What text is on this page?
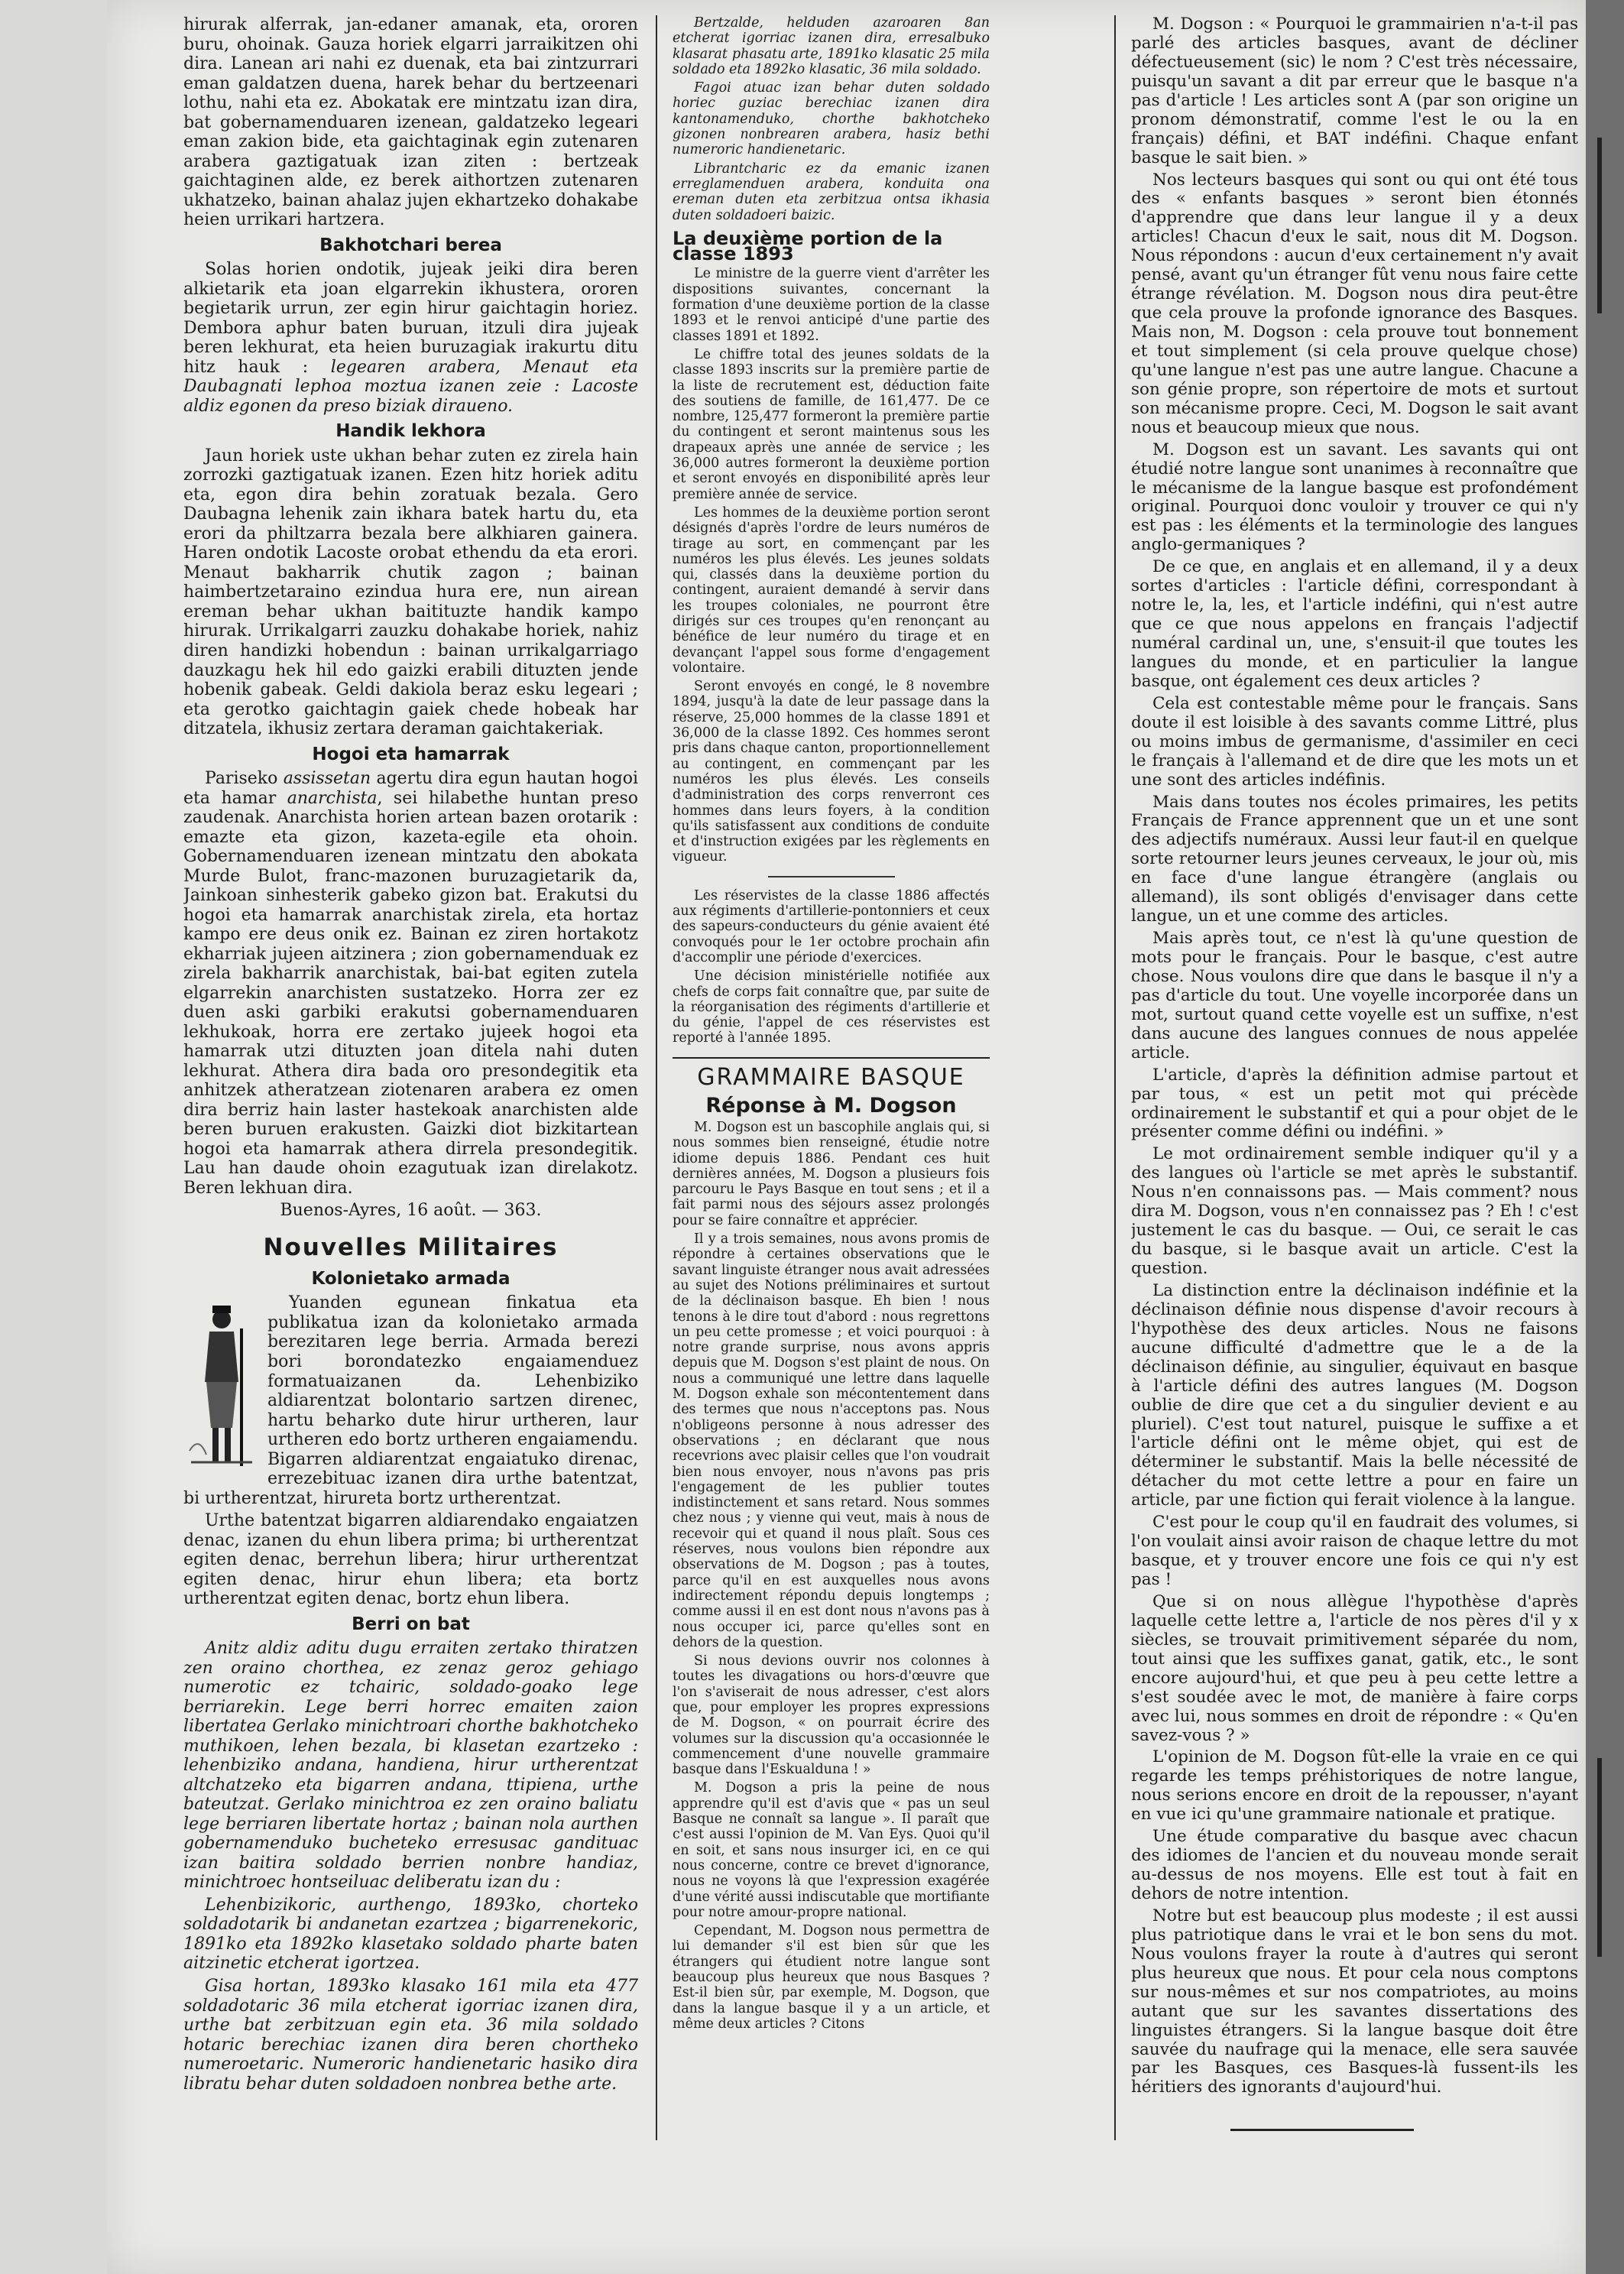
hirurak alferrak, jan-edaner amanak, eta, ororen buru, ohoinak. Gauza horiek elgarri jarraikitzen ohi dira. Lanean ari nahi ez duenak, eta bai zintzurrari eman galdatzen duena, harek behar du bertzeenari lothu, nahi eta ez. Abokatak ere mintzatu izan dira, bat gobernamenduaren izenean, galdatzeko legeari eman zakion bide, eta gaichtaginak egin zutenaren arabera gaztigatuak izan ziten : bertzeak gaichtaginen alde, ez berek aithortzen zutenaren ukhatzeko, bainan ahalaz jujen ekhartzeko dohakabe heien urrikari hartzera.

Bakhotchari berea

Solas horien ondotik, jujeak jeiki dira beren alkietarik eta joan elgarrekin ikhustera, ororen begietarik urrun, zer egin hirur gaichtagin horiez. Dembora aphur baten buruan, itzuli dira jujeak beren lekhurat, eta heien buruzagiak irakurtu ditu hitz hauk : legearen arabera, Menaut eta Daubagnati lephoa moztua izanen zeie : Lacoste aldiz egonen da preso biziak diraueno.

Handik lekhora

Jaun horiek uste ukhan behar zuten ez zirela hain zorrozki gaztigatuak izanen. Ezen hitz horiek aditu eta, egon dira behin zoratuak bezala. Gero Daubagna lehenik zain ikhara batek hartu du, eta erori da philtzarra bezala bere alkhiaren gainera. Haren ondotik Lacoste orobat ethendu da eta erori. Menaut bakharrik chutik zagon ; bainan haimbertzetaraino ezindua hura ere, nun airean ereman behar ukhan baitituzte handik kampo hirurak. Urrikalgarri zauzku dohakabe horiek, nahiz diren handizki hobendun : bainan urrikalgarriago dauzkagu hek hil edo gaizki erabili dituzten jende hobenik gabeak. Geldi dakiola beraz esku legeari ; eta gerotko gaichtagin gaiek chede hobeak har ditzatela, ikhusiz zertara deraman gaichtakeriak.

Hogoi eta hamarrak

Pariseko assissetan agertu dira egun hautan hogoi eta hamar anarchista, sei hilabethe huntan preso zaudenak. Anarchista horien artean bazen orotarik : emazte eta gizon, kazeta-egile eta ohoin. Gobernamenduaren izenean mintzatu den abokata Murde Bulot, franc-mazonen buruzagietarik da, Jainkoan sinhesterik gabeko gizon bat. Erakutsi du hogoi eta hamarrak anarchistak zirela, eta hortaz kampo ere deus onik ez. Bainan ez ziren hortakotz ekharriak jujeen aitzinera ; zion gobernamenduak ez zirela bakharrik anarchistak, bai-bat egiten zutela elgarrekin anarchisten sustatzeko. Horra zer ez duen aski garbiki erakutsi gobernamenduaren lekhukoak, horra ere zertako jujeek hogoi eta hamarrak utzi dituzten joan ditela nahi duten lekhurat. Athera dira bada oro presondegitik eta anhitzek atheratzean ziotenaren arabera ez omen dira berriz hain laster hastekoak anarchisten alde beren buruen erakusten. Gaizki diot bizkitartean hogoi eta hamarrak athera dirrela presondegitik. Lau han daude ohoin ezagutuak izan direlakotz. Beren lekhuan dira.

Buenos-Ayres, 16 août. — 363.

Nouvelles Militaires
Kolonietako armada

Yuanden egunean finkatua eta publikatua izan da kolonietako armada berezitaren lege berria. Armada berezi bori borondatezko engaiamenduez formatuaizanen da. Lehenbiziko aldiarentzat bolontario sartzen direnec, hartu beharko dute hirur urtheren, laur urtheren edo bortz urtheren engaiamendu. Bigarren aldiarentzat engaiatuko direnac, errezebituac izanen dira urthe batentzat, bi urtherentzat, hirureta bortz urtherentzat.

Urthe batentzat bigarren aldiarendako engaiatzen denac, izanen du ehun libera prima; bi urtherentzat egiten denac, berrehun libera; hirur urtherentzat egiten denac, hirur ehun libera; eta bortz urtherentzat egiten denac, bortz ehun libera.

Berri on bat

Anitz aldiz aditu dugu erraiten zertako thiratzen zen oraino chorthea, ez zenaz geroz gehiago numerotic ez tchairic, soldado-goako lege berriarekin. Lege berri horrec emaiten zaion libertatea Gerlako minichtroari chorthe bakhotcheko muthikoen, lehen bezala, bi klasetan ezartzeko : lehenbiziko andana, handiena, hirur urtherentzat altchatzeko eta bigarren andana, ttipiena, urthe bateutzat. Gerlako minichtroa ez zen oraino baliatu lege berriaren libertate hortaz ; bainan nola aurthen gobernamenduko bucheteko erresusac gandituac izan baitira soldado berrien nonbre handiaz, minichtroec hontseiluac deliberatu izan du :

Lehenbizikoric, aurthengo, 1893ko, chorteko soldadotarik bi andanetan ezartzea ; bigarrenekoric, 1891ko eta 1892ko klasetako soldado pharte baten aitzinetic etcherat igortzea.

Gisa hortan, 1893ko klasako 161 mila eta 477 soldadotaric 36 mila etcherat igorriac izanen dira, urthe bat zerbitzuan egin eta. 36 mila soldado hotaric berechiac izanen dira beren chortheko numeroetaric. Numeroric handienetaric hasiko dira libratu behar duten soldadoen nonbrea bethe arte.

Bertzalde, helduden azaroaren 8an etcherat igorriac izanen dira, erresalbuko klasarat phasatu arte, 1891ko klasatic 25 mila soldado eta 1892ko klasatic, 36 mila soldado.

Fagoi atuac izan behar duten soldado horiec guziac berechiac izanen dira kantonamenduko, chorthe bakhotcheko gizonen nonbrearen arabera, hasiz bethi numeroric handienetaric.

Librantcharic ez da emanic izanen erreglamenduen arabera, konduita ona ereman duten eta zerbitzua ontsa ikhasia duten soldadoeri baizic.

La deuxième portion de la classe 1893

Le ministre de la guerre vient d'arrêter les dispositions suivantes, concernant la formation d'une deuxième portion de la classe 1893 et le renvoi anticipé d'une partie des classes 1891 et 1892.

Le chiffre total des jeunes soldats de la classe 1893 inscrits sur la première partie de la liste de recrutement est, déduction faite des soutiens de famille, de 161,477. De ce nombre, 125,477 formeront la première partie du contingent et seront maintenus sous les drapeaux après une année de service ; les 36,000 autres formeront la deuxième portion et seront envoyés en disponibilité après leur première année de service.

Les hommes de la deuxième portion seront désignés d'après l'ordre de leurs numéros de tirage au sort, en commençant par les numéros les plus élevés. Les jeunes soldats qui, classés dans la deuxième portion du contingent, auraient demandé à servir dans les troupes coloniales, ne pourront être dirigés sur ces troupes qu'en renonçant au bénéfice de leur numéro du tirage et en devançant l'appel sous forme d'engagement volontaire.

Seront envoyés en congé, le 8 novembre 1894, jusqu'à la date de leur passage dans la réserve, 25,000 hommes de la classe 1891 et 36,000 de la classe 1892. Ces hommes seront pris dans chaque canton, proportionnellement au contingent, en commençant par les numéros les plus élevés. Les conseils d'administration des corps renverront ces hommes dans leurs foyers, à la condition qu'ils satisfassent aux conditions de conduite et d'instruction exigées par les règlements en vigueur.

Les réservistes de la classe 1886 affectés aux régiments d'artillerie-pontonniers et ceux des sapeurs-conducteurs du génie avaient été convoqués pour le 1er octobre prochain afin d'accomplir une période d'exercices.

Une décision ministérielle notifiée aux chefs de corps fait connaître que, par suite de la réorganisation des régiments d'artillerie et du génie, l'appel de ces réservistes est reporté à l'année 1895.

GRAMMAIRE BASQUE
Réponse à M. Dogson

M. Dogson est un bascophile anglais qui, si nous sommes bien renseigné, étudie notre idiome depuis 1886. Pendant ces huit dernières années, M. Dogson a plusieurs fois parcouru le Pays Basque en tout sens ; et il a fait parmi nous des séjours assez prolongés pour se faire connaître et apprécier.

Il y a trois semaines, nous avons promis de répondre à certaines observations que le savant linguiste étranger nous avait adressées au sujet des Notions préliminaires et surtout de la déclinaison basque. Eh bien ! nous tenons à le dire tout d'abord : nous regrettons un peu cette promesse ; et voici pourquoi : à notre grande surprise, nous avons appris depuis que M. Dogson s'est plaint de nous. On nous a communiqué une lettre dans laquelle M. Dogson exhale son mécontentement dans des termes que nous n'acceptons pas. Nous n'obligeons personne à nous adresser des observations ; en déclarant que nous recevrions avec plaisir celles que l'on voudrait bien nous envoyer, nous n'avons pas pris l'engagement de les publier toutes indistinctement et sans retard. Nous sommes chez nous ; y vienne qui veut, mais à nous de recevoir qui et quand il nous plaît. Sous ces réserves, nous voulons bien répondre aux observations de M. Dogson ; pas à toutes, parce qu'il en est auxquelles nous avons indirectement répondu depuis longtemps ; comme aussi il en est dont nous n'avons pas à nous occuper ici, parce qu'elles sont en dehors de la question.

Si nous devions ouvrir nos colonnes à toutes les divagations ou hors-d'œuvre que l'on s'aviserait de nous adresser, c'est alors que, pour employer les propres expressions de M. Dogson, « on pourrait écrire des volumes sur la discussion qu'a occasionnée le commencement d'une nouvelle grammaire basque dans l'Eskualduna ! »

M. Dogson a pris la peine de nous apprendre qu'il est d'avis que « pas un seul Basque ne connaît sa langue ». Il paraît que c'est aussi l'opinion de M. Van Eys. Quoi qu'il en soit, et sans nous insurger ici, en ce qui nous concerne, contre ce brevet d'ignorance, nous ne voyons là que l'expression exagérée d'une vérité aussi indiscutable que mortifiante pour notre amour-propre national.

Cependant, M. Dogson nous permettra de lui demander s'il est bien sûr que les étrangers qui étudient notre langue sont beaucoup plus heureux que nous Basques ? Est-il bien sûr, par exemple, M. Dogson, que dans la langue basque il y a un article, et même deux articles ? Citons

M. Dogson : « Pourquoi le grammairien n'a-t-il pas parlé des articles basques, avant de décliner défectueusement (sic) le nom ? C'est très nécessaire, puisqu'un savant a dit par erreur que le basque n'a pas d'article ! Les articles sont A (par son origine un pronom démonstratif, comme l'est le ou la en français) défini, et BAT indéfini. Chaque enfant basque le sait bien. »

Nos lecteurs basques qui sont ou qui ont été tous des « enfants basques » seront bien étonnés d'apprendre que dans leur langue il y a deux articles! Chacun d'eux le sait, nous dit M. Dogson. Nous répondons : aucun d'eux certainement n'y avait pensé, avant qu'un étranger fût venu nous faire cette étrange révélation. M. Dogson nous dira peut-être que cela prouve la profonde ignorance des Basques. Mais non, M. Dogson : cela prouve tout bonnement et tout simplement (si cela prouve quelque chose) qu'une langue n'est pas une autre langue. Chacune a son génie propre, son répertoire de mots et surtout son mécanisme propre. Ceci, M. Dogson le sait avant nous et beaucoup mieux que nous.

M. Dogson est un savant. Les savants qui ont étudié notre langue sont unanimes à reconnaître que le mécanisme de la langue basque est profondément original. Pourquoi donc vouloir y trouver ce qui n'y est pas : les éléments et la terminologie des langues anglo-germaniques ?

De ce que, en anglais et en allemand, il y a deux sortes d'articles : l'article défini, correspondant à notre le, la, les, et l'article indéfini, qui n'est autre que ce que nous appelons en français l'adjectif numéral cardinal un, une, s'ensuit-il que toutes les langues du monde, et en particulier la langue basque, ont également ces deux articles ?

Cela est contestable même pour le français. Sans doute il est loisible à des savants comme Littré, plus ou moins imbus de germanisme, d'assimiler en ceci le français à l'allemand et de dire que les mots un et une sont des articles indéfinis.

Mais dans toutes nos écoles primaires, les petits Français de France apprennent que un et une sont des adjectifs numéraux. Aussi leur faut-il en quelque sorte retourner leurs jeunes cerveaux, le jour où, mis en face d'une langue étrangère (anglais ou allemand), ils sont obligés d'envisager dans cette langue, un et une comme des articles.

Mais après tout, ce n'est là qu'une question de mots pour le français. Pour le basque, c'est autre chose. Nous voulons dire que dans le basque il n'y a pas d'article du tout. Une voyelle incorporée dans un mot, surtout quand cette voyelle est un suffixe, n'est dans aucune des langues connues de nous appelée article.

L'article, d'après la définition admise partout et par tous, « est un petit mot qui précède ordinairement le substantif et qui a pour objet de le présenter comme défini ou indéfini. »

Le mot ordinairement semble indiquer qu'il y a des langues où l'article se met après le substantif. Nous n'en connaissons pas. — Mais comment? nous dira M. Dogson, vous n'en connaissez pas ? Eh ! c'est justement le cas du basque. — Oui, ce serait le cas du basque, si le basque avait un article. C'est la question.

La distinction entre la déclinaison indéfinie et la déclinaison définie nous dispense d'avoir recours à l'hypothèse des deux articles. Nous ne faisons aucune difficulté d'admettre que le a de la déclinaison définie, au singulier, équivaut en basque à l'article défini des autres langues (M. Dogson oublie de dire que cet a du singulier devient e au pluriel). C'est tout naturel, puisque le suffixe a et l'article défini ont le même objet, qui est de déterminer le substantif. Mais la belle nécessité de détacher du mot cette lettre a pour en faire un article, par une fiction qui ferait violence à la langue.

C'est pour le coup qu'il en faudrait des volumes, si l'on voulait ainsi avoir raison de chaque lettre du mot basque, et y trouver encore une fois ce qui n'y est pas !

Que si on nous allègue l'hypothèse d'après laquelle cette lettre a, l'article de nos pères d'il y x siècles, se trouvait primitivement séparée du nom, tout ainsi que les suffixes ganat, gatik, etc., le sont encore aujourd'hui, et que peu à peu cette lettre a s'est soudée avec le mot, de manière à faire corps avec lui, nous sommes en droit de répondre : « Qu'en savez-vous ? »

L'opinion de M. Dogson fût-elle la vraie en ce qui regarde les temps préhistoriques de notre langue, nous serions encore en droit de la repousser, n'ayant en vue ici qu'une grammaire nationale et pratique.

Une étude comparative du basque avec chacun des idiomes de l'ancien et du nouveau monde serait au-dessus de nos moyens. Elle est tout à fait en dehors de notre intention.

Notre but est beaucoup plus modeste ; il est aussi plus patriotique dans le vrai et le bon sens du mot. Nous voulons frayer la route à d'autres qui seront plus heureux que nous. Et pour cela nous comptons sur nous-mêmes et sur nos compatriotes, au moins autant que sur les savantes dissertations des linguistes étrangers. Si la langue basque doit être sauvée du naufrage qui la menace, elle sera sauvée par les Basques, ces Basques-là fussent-ils les héritiers des ignorants d'aujourd'hui.
